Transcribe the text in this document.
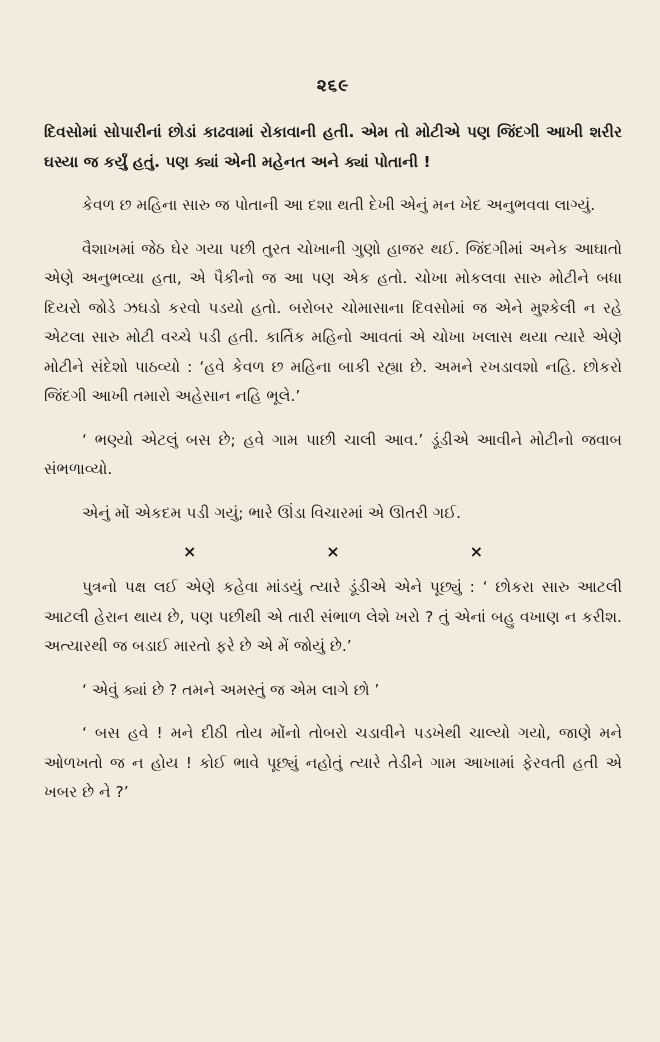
૨૬૯

દિવસોમાં સોપારીનાં છોડાં કાઢવામાં રોકાવાની હતી. એમ તો મોટીએ પણ જિંદગી આખી શરીર ઘસ્યા જ કર્યું હતું. પણ ક્યાં એની મહેનત અને ક્યાં પોતાની !

કેવળ છ મહિના સારુ જ પોતાની આ દશા થતી દેખી એનું મન ખેદ અનુભવવા લાગ્યું.

વૈશાખમાં જેઠ ઘેર ગયા પછી તુરત ચોખાની ગુણો હાજર થઈ. જિંદગીમાં અનેક આઘાતો એણે અનુભવ્યા હતા, એ પૈકીનો જ આ પણ એક હતો. ચોખા મોકલવા સારુ મોટીને બધા દિયરો જોડે ઝઘડો કરવો પડયો હતો. બરોબર ચોમાસાના દિવસોમાં જ એને મુશ્કેલી ન રહે એટલા સારુ મોટી વચ્ચે પડી હતી. કાર્તિક મહિનો આવતાં એ ચોખા ખલાસ થયા ત્યારે એણે મોટીને સંદેશો પાઠવ્યો : ‘હવે કેવળ છ મહિના બાકી રહ્યા છે. અમને રખડાવશો નહિ. છોકરો જિંદગી આખી તમારો અહેસાન નહિ ભૂલે.’

‘ ભણ્યો એટલું બસ છે; હવે ગામ પાછી ચાલી આવ.’ ડૂંડીએ આવીને મોટીનો જવાબ સંભળાવ્યો.

એનું મોં એકદમ પડી ગયું; ભારે ઊંડા વિચારમાં એ ઊતરી ગઈ.

×	×	×

પુત્રનો પક્ષ લઈ એણે કહેવા માંડયું ત્યારે ડૂંડીએ એને પૂછ્યું : ‘ છોકરા સારુ આટલી આટલી હેરાન થાય છે, પણ પછીથી એ તારી સંભાળ લેશે ખરો ? તું એનાં બહુ વખાણ ન કરીશ. અત્યારથી જ બડાઈ મારતો ફરે છે એ મેં જોયું છે.’

‘ એવું ક્યાં છે ? તમને અમસ્તું જ એમ લાગે છો ’

‘ બસ હવે ! મને દીઠી તોય મોંનો તોબરો ચડાવીને પડખેથી ચાલ્યો ગયો, જાણે મને ઓળખતો જ ન હોય ! કોઈ ભાવે પૂછ્યું નહોતું ત્યારે તેડીને ગામ આખામાં ફેરવતી હતી એ ખબર છે ને ?’
